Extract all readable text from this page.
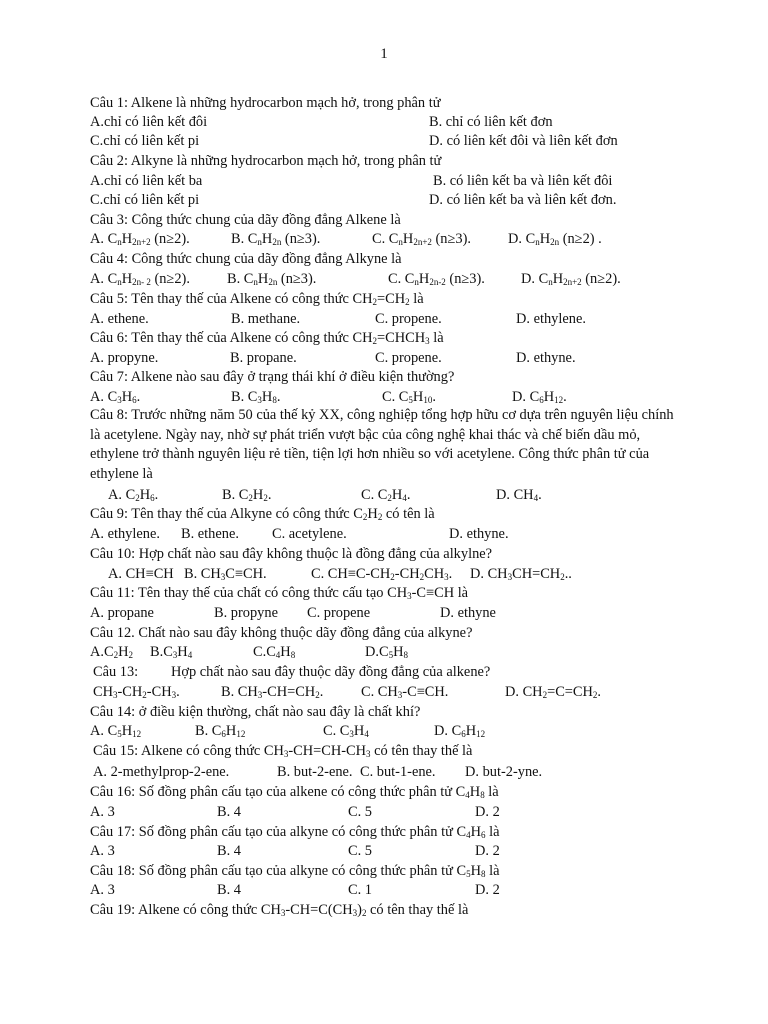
1
Câu 1: Alkene là những hydrocarbon mạch hở, trong phân tử
A.chỉ có liên kết đôi	B. chỉ có liên kết đơn
C.chỉ có liên kết pi	D. có liên kết đôi và liên kết đơn
Câu 2: Alkyne là những hydrocarbon mạch hở, trong phân tử
A.chỉ có liên kết ba	B. có liên kết ba và liên kết đôi
C.chỉ có liên kết pi	D. có liên kết ba và liên kết đơn.
Câu 3: Công thức chung của dãy đồng đẳng Alkene là
A. $C_nH_{2n+2}$ (n≥2).	B. $C_nH_{2n}$ (n≥3).	C. $C_nH_{2n+2}$ (n≥3).	D. $C_nH_{2n}$ (n≥2) .
Câu 4: Công thức chung của dãy đồng đẳng Alkyne là
A. $C_nH_{2n- 2}$ (n≥2).	B. $C_nH_{2n}$ (n≥3).	C. $C_nH_{2n-2}$ (n≥3).	D. $C_nH_{2n+2}$ (n≥2).
Câu 5: Tên thay thế của Alkene có công thức $CH_2=CH_2$ là
A. ethene.	B. methane.	C. propene.	D. ethylene.
Câu 6: Tên thay thế của Alkene có công thức $CH_2=CHCH_3$ là
A. propyne.	B. propane.	C. propene.	D. ethyne.
Câu 7: Alkene nào sau đây ở trạng thái khí ở điều kiện thường?
A. $C_3H_6$.	B. $C_3H_8$.	C. $C_5H_{10}$.	D. $C_6H_{12}$.
Câu 8: Trước những năm 50 của thế kỷ XX, công nghiệp tổng hợp hữu cơ dựa trên nguyên liệu chính là acetylene. Ngày nay, nhờ sự phát triển vượt bậc của công nghệ khai thác và chế biến dầu mỏ, ethylene trở thành nguyên liệu rẻ tiền, tiện lợi hơn nhiều so với acetylene. Công thức phân tử của ethylene là
A. $C_2H_6$.	B. $C_2H_2$.	C. $C_2H_4$.	D. $CH_4$.
Câu 9: Tên thay thế của Alkyne có công thức $C_2H_2$ có tên là
A. ethylene. B. ethene. C. acetylene.	D. ethyne.
Câu 10: Hợp chất nào sau đây không thuộc là đồng đẳng của alkylne?
A. CH≡CH B. $CH_3C\equiv CH$.	C. $CH\equiv C-CH_2-CH_2CH_3$. D. $CH_3CH=CH_2$..
Câu 11: Tên thay thế của chất có công thức cấu tạo $CH_3-C\equiv CH$ là
A. propane	B. propyne C. propene	D. ethyne
Câu 12. Chất nào sau đây không thuộc dãy đồng đẳng của alkyne?
$A.C_2H_2$ $B.C_3H_4$	$C.C_4H_8$	$D.C_5H_8$
Câu 13: Hợp chất nào sau đây thuộc dãy đồng đẳng của alkene?
$CH_3-CH_2-CH_3$.	B. $CH_3-CH=CH_2$.	C. $CH_3-C\equiv CH$.	D. $CH_2=C=CH_2$.
Câu 14: ở điều kiện thường, chất nào sau đây là chất khí?
A. $C_5H_{12}$	B. $C_6H_{12}$	C. $C_3H_4$	D. $C_6H_{12}$
Câu 15: Alkene có công thức $CH_3-CH=CH-CH_3$ có tên thay thế là
A. 2-methylprop-2-ene.	B. but-2-ene. C. but-1-ene. D. but-2-yne.
Câu 16: Số đồng phân cấu tạo của alkene có công thức phân tử $C_4H_8$ là
A. 3	B. 4	C. 5	D. 2
Câu 17: Số đồng phân cấu tạo của alkyne có công thức phân tử $C_4H_6$ là
A. 3	B. 4	C. 5	D. 2
Câu 18: Số đồng phân cấu tạo của alkyne có công thức phân tử $C_5H_8$ là
A. 3	B. 4	C. 1	D. 2
Câu 19: Alkene có công thức $CH_3-CH=C(CH_3)_2$ có tên thay thế là
